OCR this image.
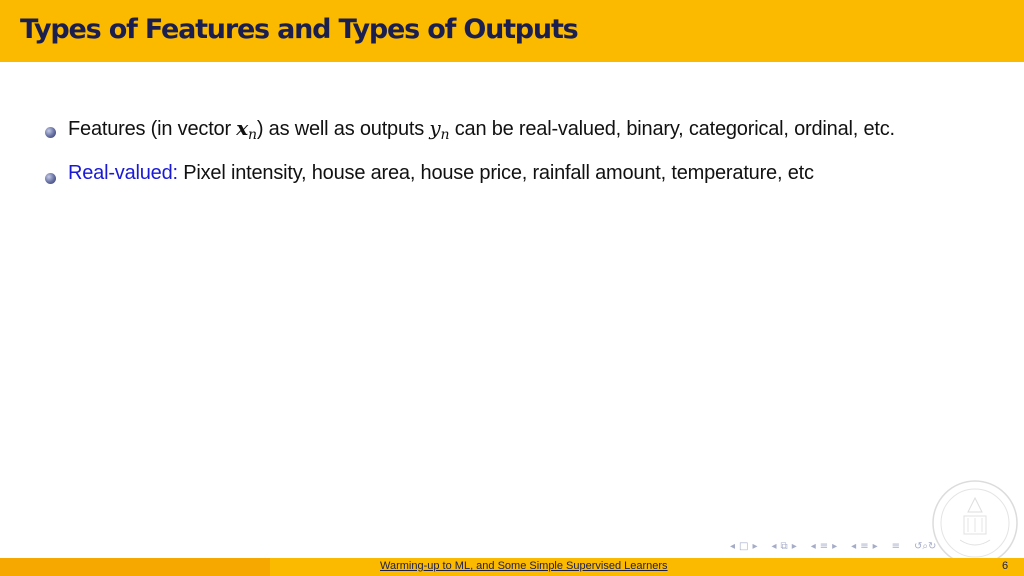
Types of Features and Types of Outputs
Features (in vector $x_n$) as well as outputs $y_n$ can be real-valued, binary, categorical, ordinal, etc.
Real-valued: Pixel intensity, house area, house price, rainfall amount, temperature, etc
◂ □ ▸ ◂ ⧉ ▸ ◂ ≡ ▸ ◂ ≡ ▸ ≡ ↺⌕↻
Warming-up to ML, and Some Simple Supervised Learners	6
